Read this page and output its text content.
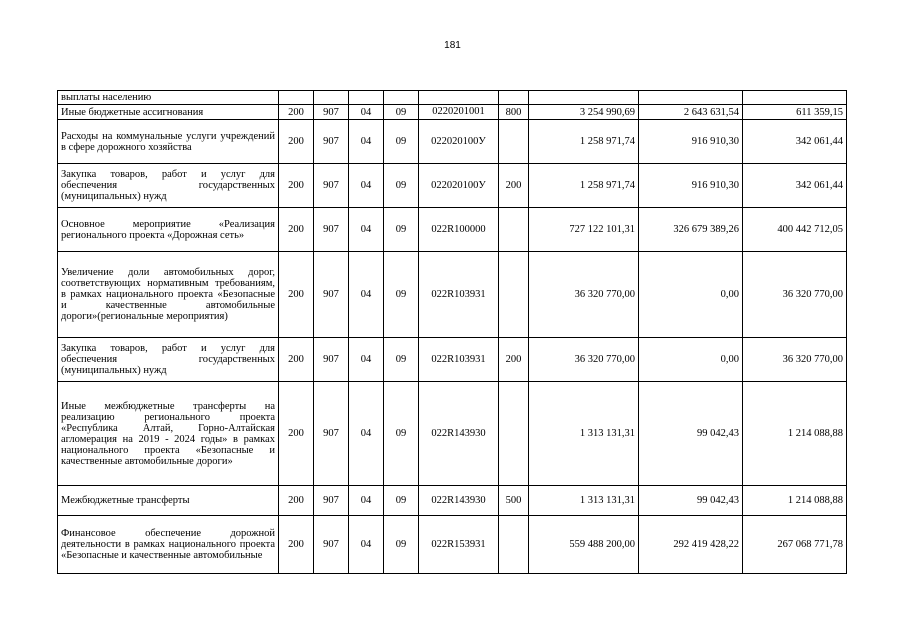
181
выплаты населению									
Иные бюджетные ассигнования	200	907	04	09	0220201001	800	3 254 990,69	2 643 631,54	611 359,15
Расходы на коммунальные услуги учреждений в сфере дорожного хозяйства	200	907	04	09	022020100У		1 258 971,74	916 910,30	342 061,44
Закупка товаров, работ и услуг для обеспечения государственных (муниципальных) нужд	200	907	04	09	022020100У	200	1 258 971,74	916 910,30	342 061,44
Основное мероприятие «Реализация регионального проекта «Дорожная сеть»	200	907	04	09	022R100000		727 122 101,31	326 679 389,26	400 442 712,05
Увеличение доли автомобильных дорог, соответствующих нормативным требованиям, в рамках национального проекта «Безопасные и качественные автомобильные дороги»(региональные мероприятия)	200	907	04	09	022R103931		36 320 770,00	0,00	36 320 770,00
Закупка товаров, работ и услуг для обеспечения государственных (муниципальных) нужд	200	907	04	09	022R103931	200	36 320 770,00	0,00	36 320 770,00
Иные межбюджетные трансферты на реализацию регионального проекта «Республика Алтай, Горно-Алтайская агломерация на 2019 - 2024 годы» в рамках национального проекта «Безопасные и качественные автомобильные дороги»	200	907	04	09	022R143930		1 313 131,31	99 042,43	1 214 088,88
Межбюджетные трансферты	200	907	04	09	022R143930	500	1 313 131,31	99 042,43	1 214 088,88
Финансовое обеспечение дорожной деятельности в рамках национального проекта «Безопасные и качественные автомобильные	200	907	04	09	022R153931		559 488 200,00	292 419 428,22	267 068 771,78
